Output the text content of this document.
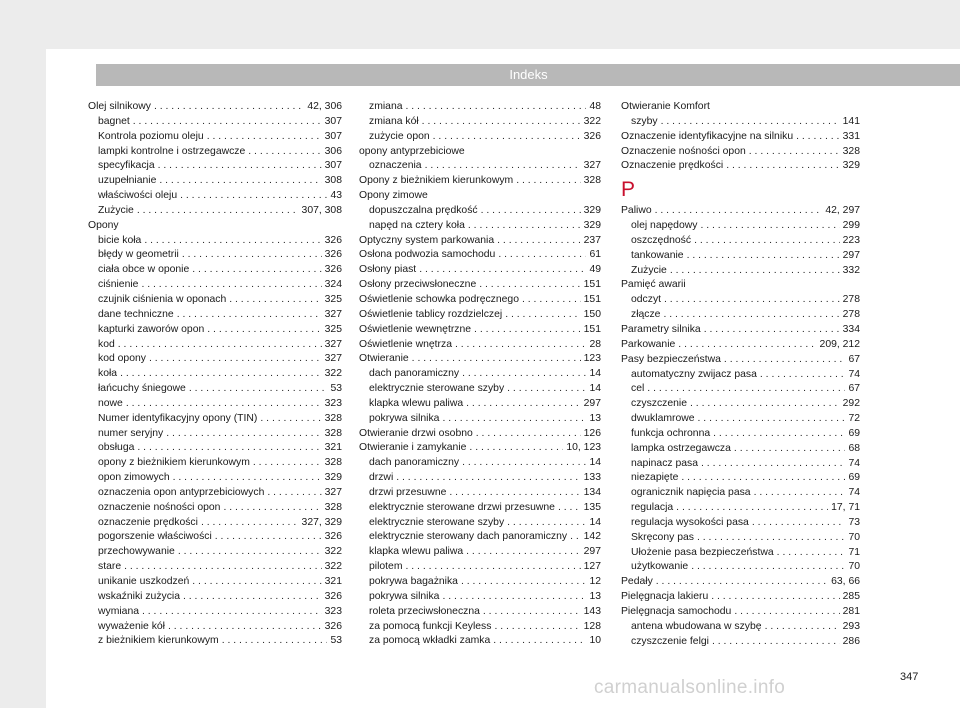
Indeks
Olej silnikowy . . .	42, 306
bagnet . . .	307
Kontrola poziomu oleju . . .	307
lampki kontrolne i ostrzegawcze . . .	306
specyfikacja . . .	307
uzupełnianie . . .	308
właściwości oleju . . .	43
Zużycie . . .	307, 308
Opony
bicie koła . . .	326
błędy w geometrii . . .	326
ciała obce w oponie . . .	326
ciśnienie . . .	324
czujnik ciśnienia w oponach . . .	325
dane techniczne . . .	327
kapturki zaworów opon . . .	325
kod . . .	327
kod opony . . .	327
koła . . .	322
łańcuchy śniegowe . . .	53
nowe . . .	323
Numer identyfikacyjny opony (TIN) . . .	328
numer seryjny . . .	328
obsługa . . .	321
opony z bieżnikiem kierunkowym . . .	328
opon zimowych . . .	329
oznaczenia opon antyprzebiciowych . . .	327
oznaczenie nośności opon . . .	328
oznaczenie prędkości . . .	327, 329
pogorszenie właściwości . . .	326
przechowywanie . . .	322
stare . . .	322
unikanie uszkodzeń . . .	321
wskaźniki zużycia . . .	326
wymiana . . .	323
wyważenie kół . . .	326
z bieżnikiem kierunkowym . . .	53
zmiana . . .	48
zmiana kół . . .	322
zużycie opon . . .	326
opony antyprzebiciowe
oznaczenia . . .	327
Opony z bieżnikiem kierunkowym . . .	328
Opony zimowe
dopuszczalna prędkość . . .	329
napęd na cztery koła . . .	329
Optyczny system parkowania . . .	237
Osłona podwozia samochodu . . .	61
Osłony piast . . .	49
Osłony przeciwsłoneczne . . .	151
Oświetlenie schowka podręcznego . . .	151
Oświetlenie tablicy rozdzielczej . . .	150
Oświetlenie wewnętrzne . . .	151
Oświetlenie wnętrza . . .	28
Otwieranie . . .	123
dach panoramiczny . . .	14
elektrycznie sterowane szyby . . .	14
klapka wlewu paliwa . . .	297
pokrywa silnika . . .	13
Otwieranie drzwi osobno . . .	126
Otwieranie i zamykanie . . .	10, 123
dach panoramiczny . . .	14
drzwi . . .	133
drzwi przesuwne . . .	134
elektrycznie sterowane drzwi przesuwne . . .	135
elektrycznie sterowane szyby . . .	14
elektrycznie sterowany dach panoramiczny . . . 142
klapka wlewu paliwa . . .	297
pilotem . . .	127
pokrywa bagażnika . . .	12
pokrywa silnika . . .	13
roleta przeciwsłoneczna . . .	143
za pomocą funkcji Keyless . . .	128
za pomocą wkładki zamka . . .	10
Otwieranie Komfort
szyby . . .	141
Oznaczenie identyfikacyjne na silniku . . .	331
Oznaczenie nośności opon . . .	328
Oznaczenie prędkości . . .	329
P
Paliwo . . .	42, 297
olej napędowy . . .	299
oszczędność . . .	223
tankowanie . . .	297
Zużycie . . .	332
Pamięć awarii
odczyt . . .	278
złącze . . .	278
Parametry silnika . . .	334
Parkowanie . . .	209, 212
Pasy bezpieczeństwa . . .	67
automatyczny zwijacz pasa . . .	74
cel . . .	67
czyszczenie . . .	292
dwuklamrowe . . .	72
funkcja ochronna . . .	69
lampka ostrzegawcza . . .	68
napinacz pasa . . .	74
niezapięte . . .	69
ogranicznik napięcia pasa . . .	74
regulacja . . .	17, 71
regulacja wysokości pasa . . .	73
Skręcony pas . . .	70
Ułożenie pasa bezpieczeństwa . . .	71
użytkowanie . . .	70
Pedały . . .	63, 66
Pielęgnacja lakieru . . .	285
Pielęgnacja samochodu . . .	281
antena wbudowana w szybę . . .	293
czyszczenie felgi . . .	286
347
carmanualsonline.info
